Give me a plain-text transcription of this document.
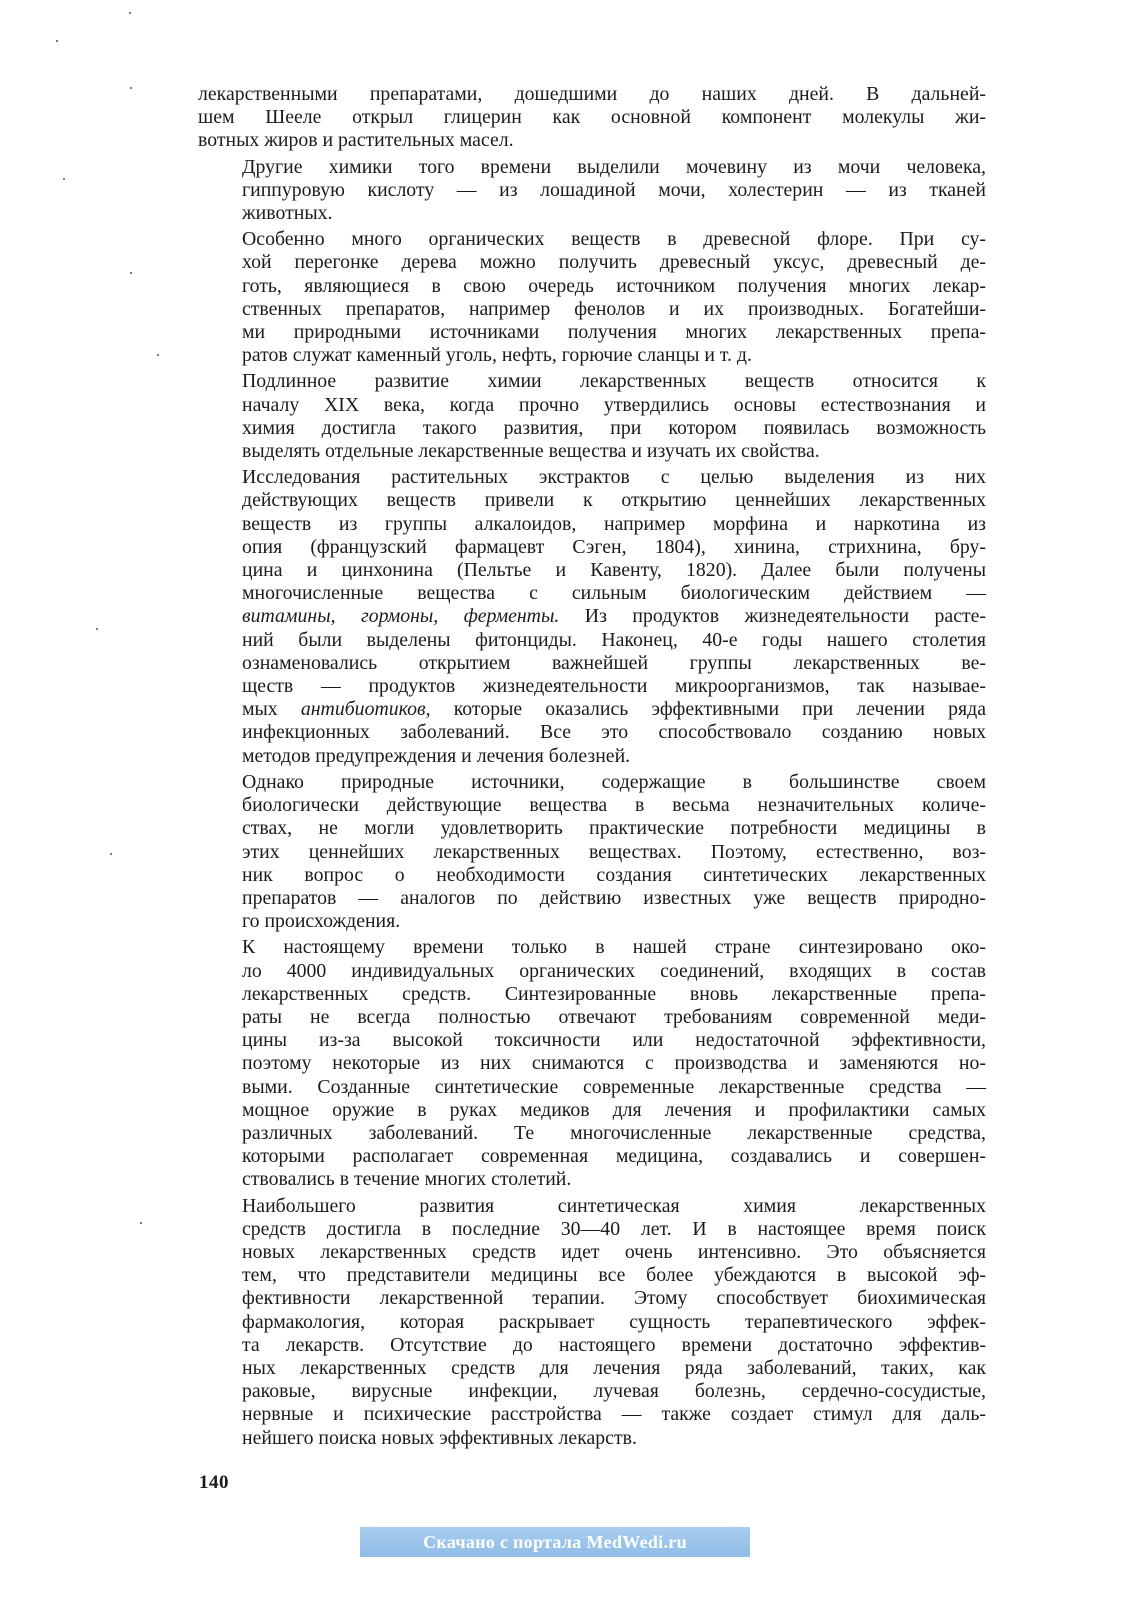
лекарственными препаратами, дошедшими до наших дней. В дальней-
шем Шееле открыл глицерин как основной компонент молекулы жи-
вотных жиров и растительных масел.

Другие химики того времени выделили мочевину из мочи человека,
гиппуровую кислоту — из лошадиной мочи, холестерин — из тканей
животных.

Особенно много органических веществ в древесной флоре. При су-
хой перегонке дерева можно получить древесный уксус, древесный де-
готь, являющиеся в свою очередь источником получения многих лекар-
ственных препаратов, например фенолов и их производных. Богатейши-
ми природными источниками получения многих лекарственных препа-
ратов служат каменный уголь, нефть, горючие сланцы и т. д.

Подлинное развитие химии лекарственных веществ относится к
началу XIX века, когда прочно утвердились основы естествознания и
химия достигла такого развития, при котором появилась возможность
выделять отдельные лекарственные вещества и изучать их свойства.

Исследования растительных экстрактов с целью выделения из них
действующих веществ привели к открытию ценнейших лекарственных
веществ из группы алкалоидов, например морфина и наркотина из
опия (французский фармацевт Сэген, 1804), хинина, стрихнина, бру-
цина и цинхонина (Пельтье и Кавенту, 1820). Далее были получены
многочисленные вещества с сильным биологическим действием —
витамины, гормоны, ферменты. Из продуктов жизнедеятельности расте-
ний были выделены фитонциды. Наконец, 40-е годы нашего столетия
ознаменовались открытием важнейшей группы лекарственных ве-
ществ — продуктов жизнедеятельности микроорганизмов, так называе-
мых антибиотиков, которые оказались эффективными при лечении ряда
инфекционных заболеваний. Все это способствовало созданию новых
методов предупреждения и лечения болезней.

Однако природные источники, содержащие в большинстве своем
биологически действующие вещества в весьма незначительных количе-
ствах, не могли удовлетворить практические потребности медицины в
этих ценнейших лекарственных веществах. Поэтому, естественно, воз-
ник вопрос о необходимости создания синтетических лекарственных
препаратов — аналогов по действию известных уже веществ природно-
го происхождения.

К настоящему времени только в нашей стране синтезировано око-
ло 4000 индивидуальных органических соединений, входящих в состав
лекарственных средств. Синтезированные вновь лекарственные препа-
раты не всегда полностью отвечают требованиям современной меди-
цины из-за высокой токсичности или недостаточной эффективности,
поэтому некоторые из них снимаются с производства и заменяются но-
выми. Созданные синтетические современные лекарственные средства —
мощное оружие в руках медиков для лечения и профилактики самых
различных заболеваний. Те многочисленные лекарственные средства,
которыми располагает современная медицина, создавались и совершен-
ствовались в течение многих столетий.

Наибольшего развития синтетическая химия лекарственных
средств достигла в последние 30—40 лет. И в настоящее время поиск
новых лекарственных средств идет очень интенсивно. Это объясняется
тем, что представители медицины все более убеждаются в высокой эф-
фективности лекарственной терапии. Этому способствует биохимическая
фармакология, которая раскрывает сущность терапевтического эффек-
та лекарств. Отсутствие до настоящего времени достаточно эффектив-
ных лекарственных средств для лечения ряда заболеваний, таких, как
раковые, вирусные инфекции, лучевая болезнь, сердечно-сосудистые,
нервные и психические расстройства — также создает стимул для даль-
нейшего поиска новых эффективных лекарств.

140
Скачано с портала MedWedi.ru
